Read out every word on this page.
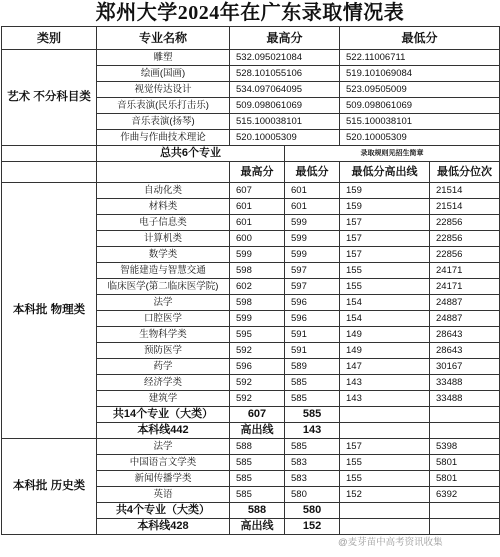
郑州大学2024年在广东录取情况表
类别	专业名称	最高分		最低分	
艺术 不分科目类	雕塑	532.095021084		522.11006711	
	绘画(国画)	528.101055106		519.101069084	
	视觉传达设计	534.097064095		523.09505009	
	音乐表演(民乐打击乐)	509.098061069		509.098061069	
	音乐表演(扬琴)	515.100038101		515.100038101	
	作曲与作曲技术理论	520.10005309		520.10005309	
	总共6个专业		录取规则见招生简章		
		最高分	最低分	最低分高出线	最低分位次
本科批 物理类	自动化类	607	601	159	21514
	材料类	601	601	159	21514
	电子信息类	601	599	157	22856
	计算机类	600	599	157	22856
	数学类	599	599	157	22856
	智能建造与智慧交通	598	597	155	24171
	临床医学(第二临床医学院)	602	597	155	24171
	法学	598	596	154	24887
	口腔医学	599	596	154	24887
	生物科学类	595	591	149	28643
	预防医学	592	591	149	28643
	药学	596	589	147	30167
	经济学类	592	585	143	33488
	建筑学	592	585	143	33488
	共14个专业（大类）	607	585		
	本科线442	高出线	143		
本科批 历史类	法学	588	585	157	5398
	中国语言文学类	585	583	155	5801
	新闻传播学类	585	583	155	5801
	英语	585	580	152	6392
	共4个专业（大类）	588	580		
	本科线428	高出线	152		
@麦芽苗中高考资讯收集
